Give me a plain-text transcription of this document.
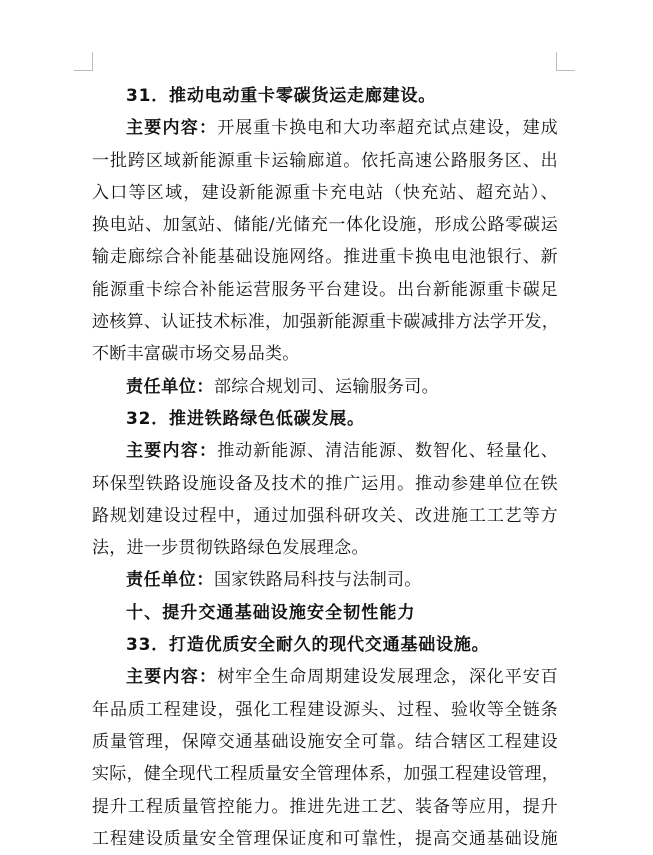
31．推动电动重卡零碳货运走廊建设。
主要内容：开展重卡换电和大功率超充试点建设，建成
一批跨区域新能源重卡运输廊道。依托高速公路服务区、出
入口等区域，建设新能源重卡充电站（快充站、超充站）、
换电站、加氢站、储能/光储充一体化设施，形成公路零碳运
输走廊综合补能基础设施网络。推进重卡换电电池银行、新
能源重卡综合补能运营服务平台建设。出台新能源重卡碳足
迹核算、认证技术标准，加强新能源重卡碳减排方法学开发，
不断丰富碳市场交易品类。
责任单位：部综合规划司、运输服务司。
32．推进铁路绿色低碳发展。
主要内容：推动新能源、清洁能源、数智化、轻量化、
环保型铁路设施设备及技术的推广运用。推动参建单位在铁
路规划建设过程中，通过加强科研攻关、改进施工工艺等方
法，进一步贯彻铁路绿色发展理念。
责任单位：国家铁路局科技与法制司。
十、提升交通基础设施安全韧性能力
33．打造优质安全耐久的现代交通基础设施。
主要内容：树牢全生命周期建设发展理念，深化平安百
年品质工程建设，强化工程建设源头、过程、验收等全链条
质量管理，保障交通基础设施安全可靠。结合辖区工程建设
实际，健全现代工程质量安全管理体系，加强工程建设管理，
提升工程质量管控能力。推进先进工艺、装备等应用，提升
工程建设质量安全管理保证度和可靠性，提高交通基础设施
